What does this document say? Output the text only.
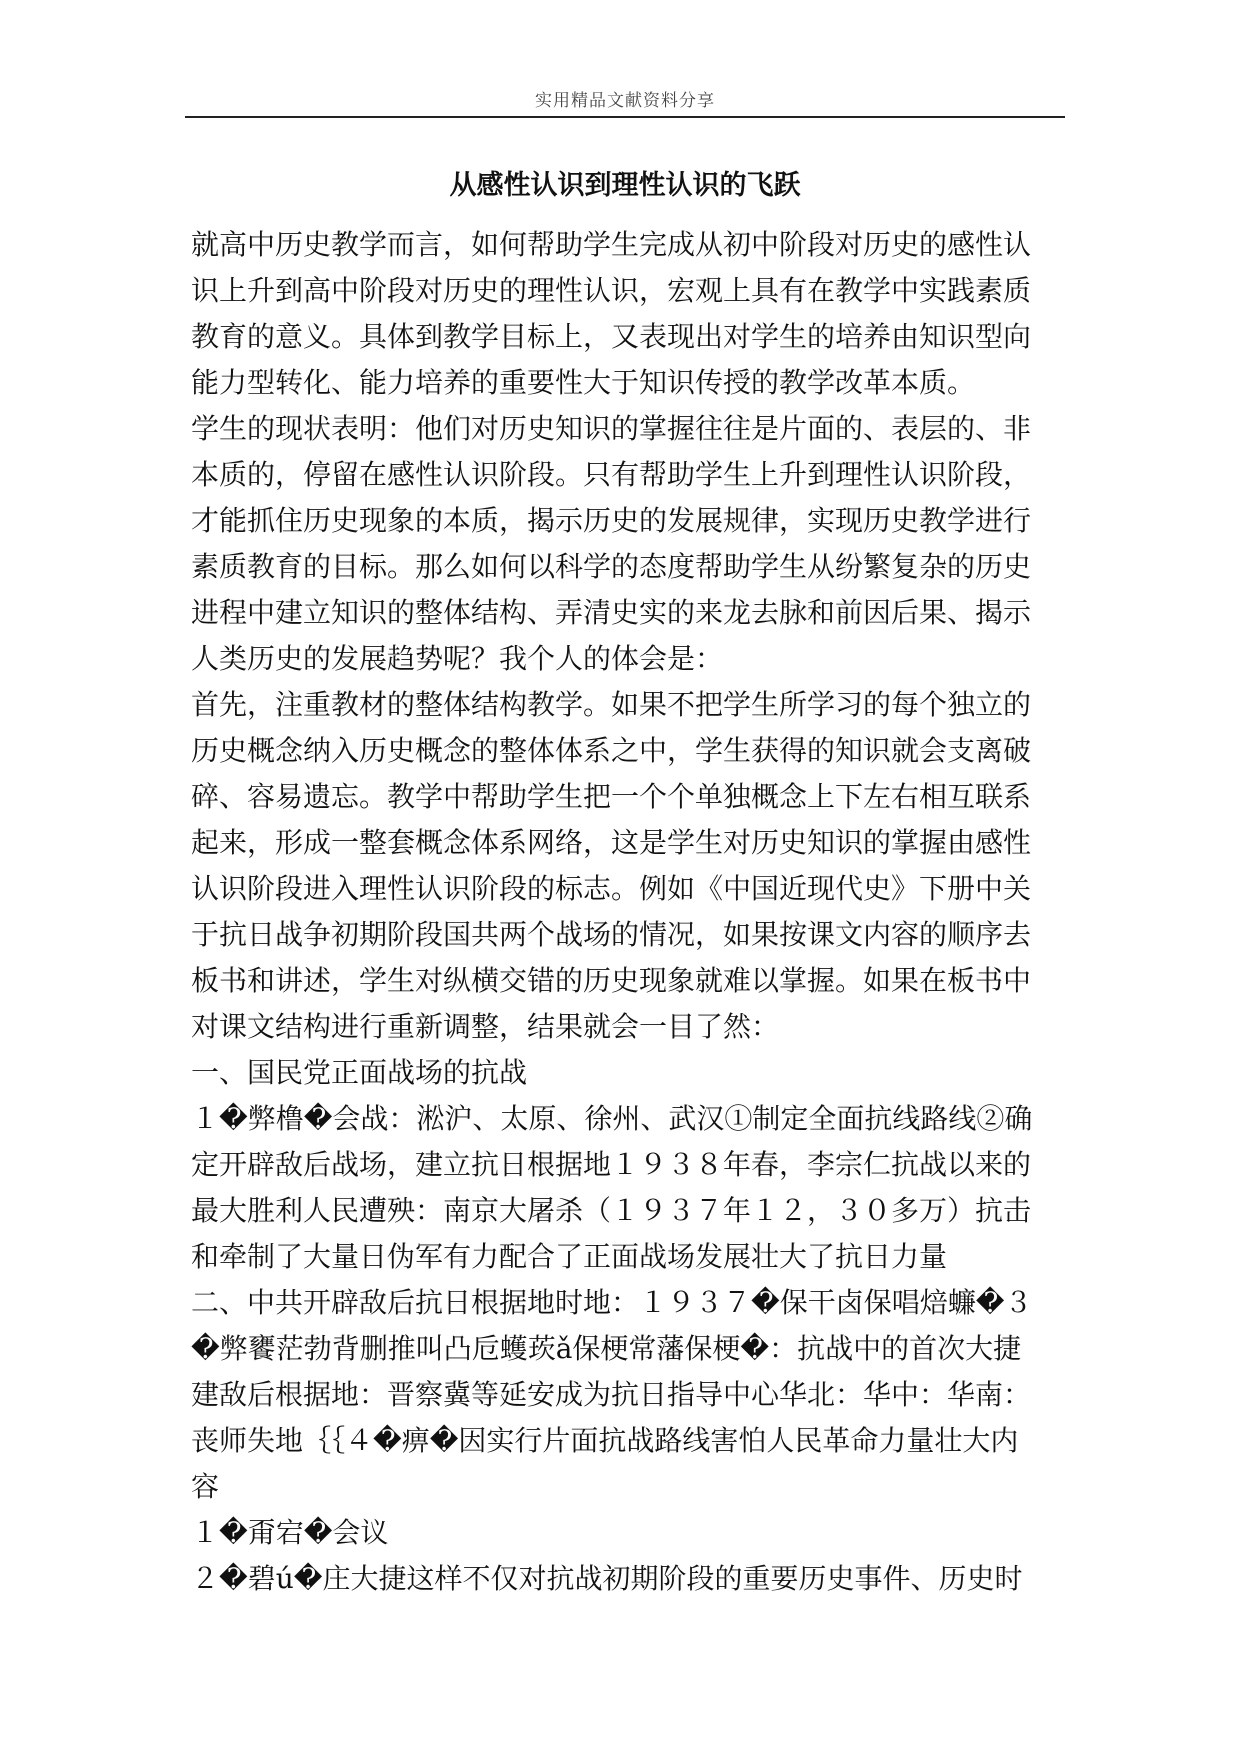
实用精品文献资料分享
从感性认识到理性认识的飞跃
就高中历史教学而言，如何帮助学生完成从初中阶段对历史的感性认
识上升到高中阶段对历史的理性认识，宏观上具有在教学中实践素质
教育的意义。具体到教学目标上，又表现出对学生的培养由知识型向
能力型转化、能力培养的重要性大于知识传授的教学改革本质。
学生的现状表明：他们对历史知识的掌握往往是片面的、表层的、非
本质的，停留在感性认识阶段。只有帮助学生上升到理性认识阶段，
才能抓住历史现象的本质，揭示历史的发展规律，实现历史教学进行
素质教育的目标。那么如何以科学的态度帮助学生从纷繁复杂的历史
进程中建立知识的整体结构、弄清史实的来龙去脉和前因后果、揭示
人类历史的发展趋势呢？我个人的体会是：
首先，注重教材的整体结构教学。如果不把学生所学习的每个独立的
历史概念纳入历史概念的整体体系之中，学生获得的知识就会支离破
碎、容易遗忘。教学中帮助学生把一个个单独概念上下左右相互联系
起来，形成一整套概念体系网络，这是学生对历史知识的掌握由感性
认识阶段进入理性认识阶段的标志。例如《中国近现代史》下册中关
于抗日战争初期阶段国共两个战场的情况，如果按课文内容的顺序去
板书和讲述，学生对纵横交错的历史现象就难以掌握。如果在板书中
对课文结构进行重新调整，结果就会一目了然：
一、国民党正面战场的抗战
１�弊橹�会战：淞沪、太原、徐州、武汉①制定全面抗线路线②确
定开辟敌后战场，建立抗日根据地１９３８年春，李宗仁抗战以来的
最大胜利人民遭殃：南京大屠杀（１９３７年１２，３０多万）抗击
和牵制了大量日伪军有力配合了正面战场发展壮大了抗日力量
二、中共开辟敌后抗日根据地时地：１９３７�保干卤保唱焙蠊�３
�弊饔茫勃背删推叫凸卮蠖莰ǎ保梗常藩保梗�：抗战中的首次大捷
建敌后根据地：晋察冀等延安成为抗日指导中心华北：华中：华南：
丧师失地｛｛４�痹�因实行片面抗战路线害怕人民革命力量壮大内
容
１�甭宕�会议
２�碧ú�庄大捷这样不仅对抗战初期阶段的重要历史事件、历史时
